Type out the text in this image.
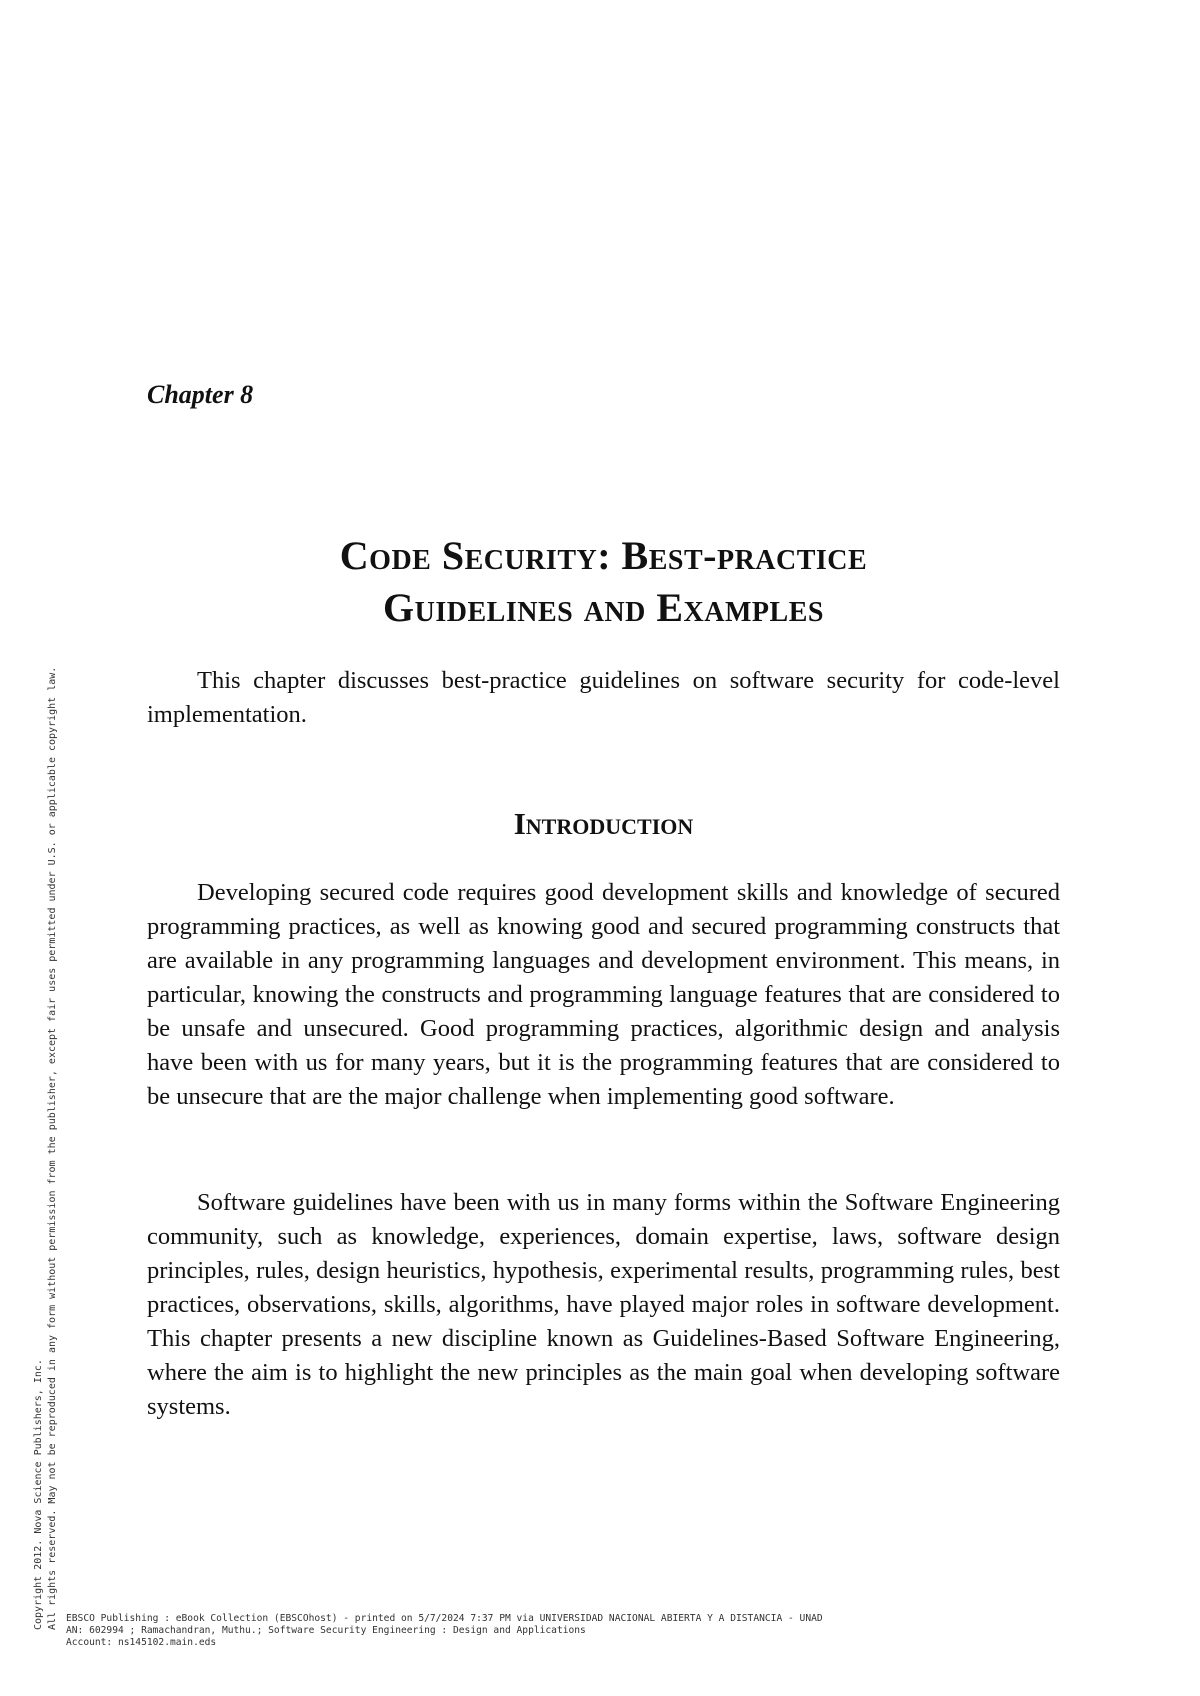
Chapter 8
Code Security: Best-practice
Guidelines and Examples

This chapter discusses best-practice guidelines on software security for code-level implementation.

Introduction

Developing secured code requires good development skills and knowledge of secured programming practices, as well as knowing good and secured programming constructs that are available in any programming languages and development environment. This means, in particular, knowing the constructs and programming language features that are considered to be unsafe and unsecured. Good programming practices, algorithmic design and analysis have been with us for many years, but it is the programming features that are considered to be unsecure that are the major challenge when implementing good software.

Software guidelines have been with us in many forms within the Software Engineering community, such as knowledge, experiences, domain expertise, laws, software design principles, rules, design heuristics, hypothesis, experimental results, programming rules, best practices, observations, skills, algorithms, have played major roles in software development. This chapter presents a new discipline known as Guidelines-Based Software Engineering, where the aim is to highlight the new principles as the main goal when developing software systems.

Copyright 2012. Nova Science Publishers, Inc. All rights reserved. May not be reproduced in any form without permission from the publisher, except fair uses permitted under U.S. or applicable copyright law. EBSCO Publishing : eBook Collection (EBSCOhost) - printed on 5/7/2024 7:37 PM via UNIVERSIDAD NACIONAL ABIERTA Y A DISTANCIA - UNAD
AN: 602994 ; Ramachandran, Muthu.; Software Security Engineering : Design and Applications
Account: ns145102.main.eds
